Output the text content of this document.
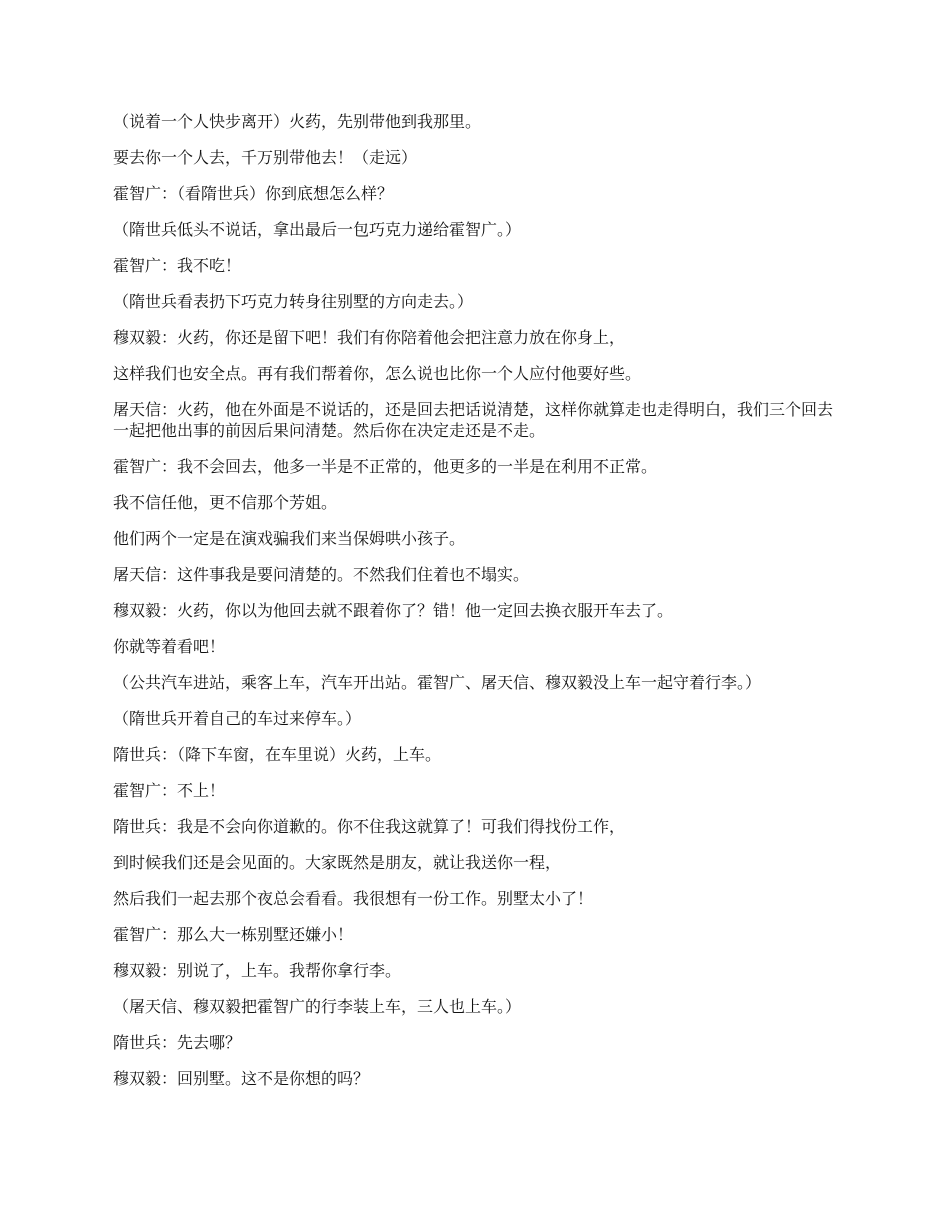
（说着一个人快步离开）火药，先别带他到我那里。

要去你一个人去，千万别带他去！（走远）

霍智广：（看隋世兵）你到底想怎么样？

（隋世兵低头不说话，拿出最后一包巧克力递给霍智广。）

霍智广：我不吃！

（隋世兵看表扔下巧克力转身往别墅的方向走去。）

穆双毅：火药，你还是留下吧！我们有你陪着他会把注意力放在你身上，

这样我们也安全点。再有我们帮着你，怎么说也比你一个人应付他要好些。

屠天信：火药，他在外面是不说话的，还是回去把话说清楚，这样你就算走也走得明白，我们三个回去一起把他出事的前因后果问清楚。然后你在决定走还是不走。

霍智广：我不会回去，他多一半是不正常的，他更多的一半是在利用不正常。

我不信任他，更不信那个芳姐。

他们两个一定是在演戏骗我们来当保姆哄小孩子。

屠天信：这件事我是要问清楚的。不然我们住着也不塌实。

穆双毅：火药，你以为他回去就不跟着你了？错！他一定回去换衣服开车去了。

你就等着看吧！

（公共汽车进站，乘客上车，汽车开出站。霍智广、屠天信、穆双毅没上车一起守着行李。）

（隋世兵开着自己的车过来停车。）

隋世兵：（降下车窗，在车里说）火药，上车。

霍智广：不上！

隋世兵：我是不会向你道歉的。你不住我这就算了！可我们得找份工作，

到时候我们还是会见面的。大家既然是朋友，就让我送你一程，

然后我们一起去那个夜总会看看。我很想有一份工作。别墅太小了！

霍智广：那么大一栋别墅还嫌小！

穆双毅：别说了，上车。我帮你拿行李。

（屠天信、穆双毅把霍智广的行李装上车，三人也上车。）

隋世兵：先去哪？

穆双毅：回别墅。这不是你想的吗？
